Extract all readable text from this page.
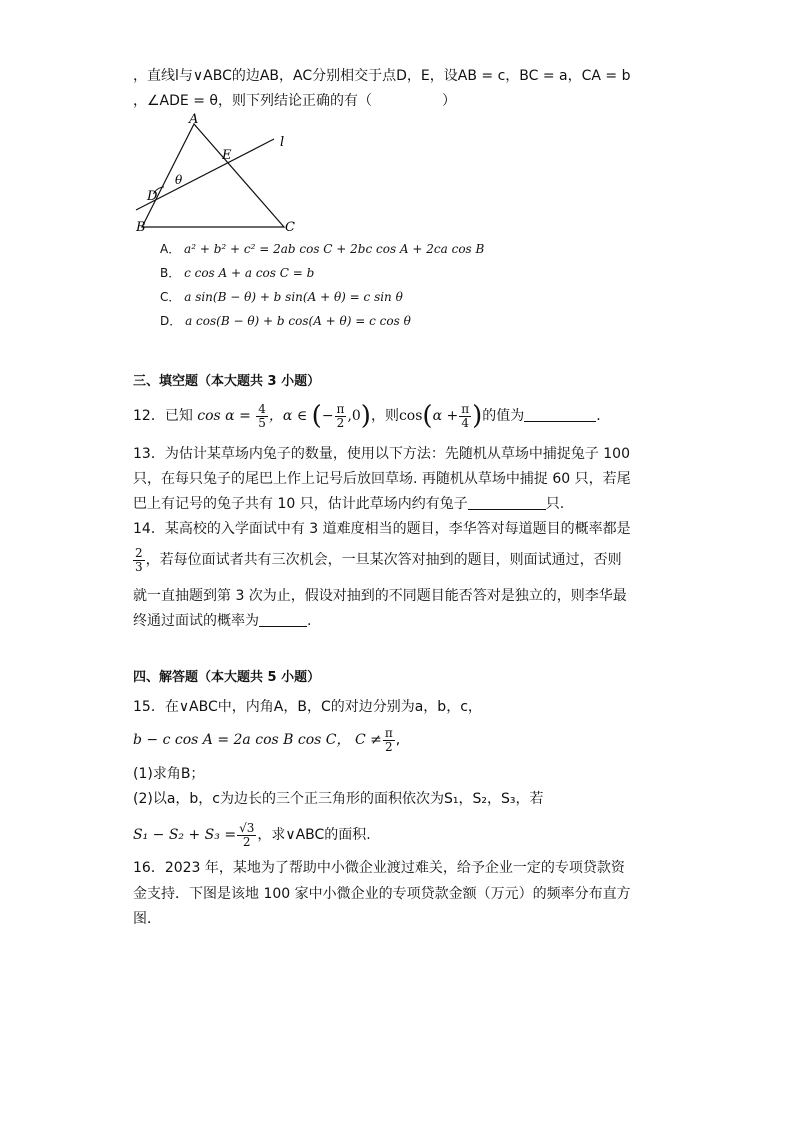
，直线l与∨ABC的边AB，AC分别相交于点D，E，设AB = c，BC = a，CA = b
，∠ADE = θ，则下列结论正确的有（	）
A
E
l
θ
D
B	C
A． a² + b² + c² = 2ab cos C + 2bc cos A + 2ca cos B
B． c cos A + a cos C = b
C． a sin(B − θ) + b sin(A + θ) = c sin θ
D． a cos(B − θ) + b cos(A + θ) = c cos θ
三、填空题（本大题共 3 小题）
12．已知 $\cos \alpha = \frac{4}{5}$ ，α ∈ (− $\frac{\pi}{2} ,0$)，则$\cos(\alpha + \frac{\pi}{4}$ )的值为	.
13．为估计某草场内兔子的数量，使用以下方法：先随机从草场中捕捉兔子 100
只，在每只兔子的尾巴上作上记号后放回草场. 再随机从草场中捕捉 60 只，若尾
巴上有记号的兔子共有 10 只，估计此草场内约有兔子	只.
14．某高校的入学面试中有 3 道难度相当的题目，李华答对每道题目的概率都是
$\frac{2}{3}$ ，若每位面试者共有三次机会，一旦某次答对抽到的题目，则面试通过，否则
就一直抽题到第 3 次为止，假设对抽到的不同题目能否答对是独立的，则李华最
终通过面试的概率为	.
四、解答题（本大题共 5 小题）
15．在∨ABC中，内角A，B，C的对边分别为a，b，c，
b − c cos A = 2a cos B cos C， $C \ne \frac{\pi}{2}$ ,
(1)求角B；
(2)以a，b，c为边长的三个正三角形的面积依次为S₁，S₂，S₃，若
$S_1 - S_2 + S_3 = \frac{√3}{2}$ ，求∨ABC的面积.
16．2023 年，某地为了帮助中小微企业渡过难关，给予企业一定的专项贷款资
金支持．下图是该地 100 家中小微企业的专项贷款金额（万元）的频率分布直方
图．
